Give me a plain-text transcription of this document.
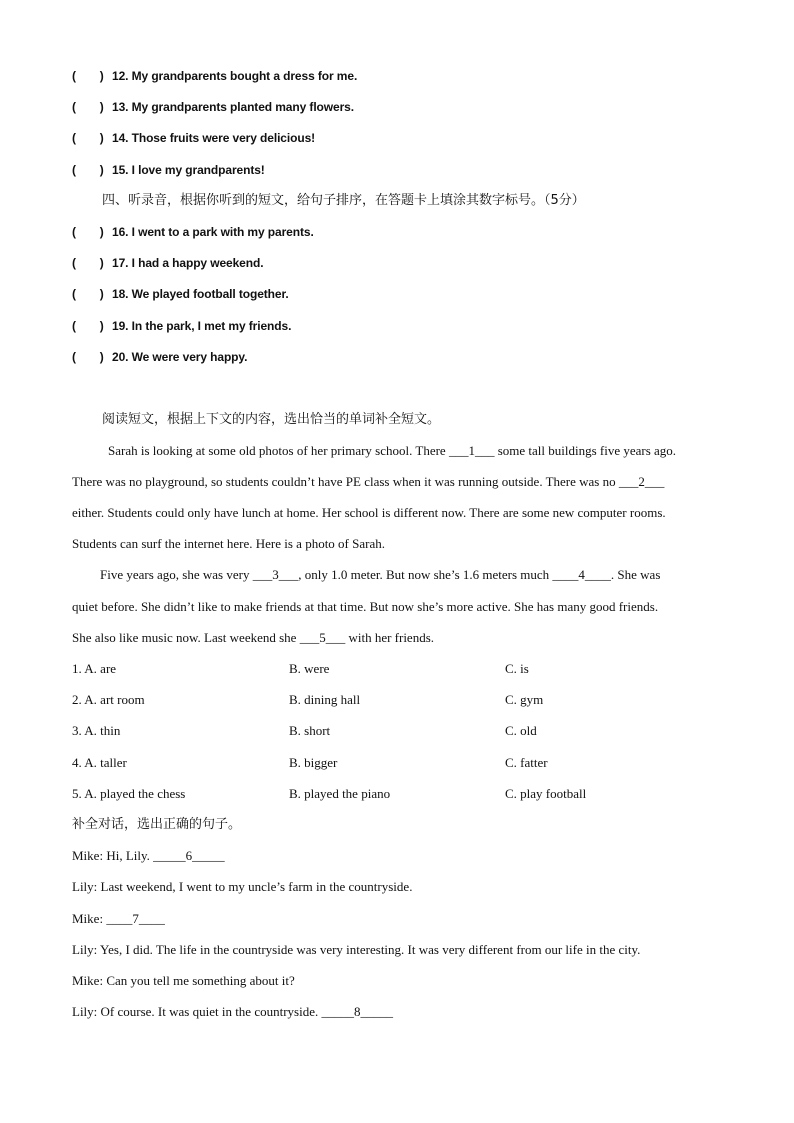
(　　) 12. My grandparents bought a dress for me.
(　　) 13. My grandparents planted many flowers.
(　　) 14. Those fruits were very delicious!
(　　) 15. I love my grandparents!
四、听录音，根据你听到的短文，给句子排序，在答题卡上填涂其数字标号。（5分）
(　　) 16. I went to a park with my parents.
(　　) 17. I had a happy weekend.
(　　) 18. We played football together.
(　　) 19. In the park, I met my friends.
(　　) 20. We were very happy.
阅读短文，根据上下文的内容，选出恰当的单词补全短文。
Sarah is looking at some old photos of her primary school. There ___1___ some tall buildings five years ago.
There was no playground, so students couldn’t have PE class when it was running outside. There was no ___2___
either. Students could only have lunch at home. Her school is different now. There are some new computer rooms.
Students can surf the internet here. Here is a photo of Sarah.
Five years ago, she was very ___3___, only 1.0 meter. But now she’s 1.6 meters much ____4____. She was
quiet before. She didn’t like to make friends at that time. But now she’s more active. She has many good friends.
She also like music now. Last weekend she ___5___ with her friends.
1. A. are	B. were	C. is
2. A. art room	B. dining hall	C. gym
3. A. thin	B. short	C. old
4. A. taller	B. bigger	C. fatter
5. A. played the chess	B. played the piano	C. play football
补全对话，选出正确的句子。
Mike: Hi, Lily. _____6_____
Lily: Last weekend, I went to my uncle’s farm in the countryside.
Mike: ____7____
Lily: Yes, I did. The life in the countryside was very interesting. It was very different from our life in the city.
Mike: Can you tell me something about it?
Lily: Of course. It was quiet in the countryside. _____8_____
